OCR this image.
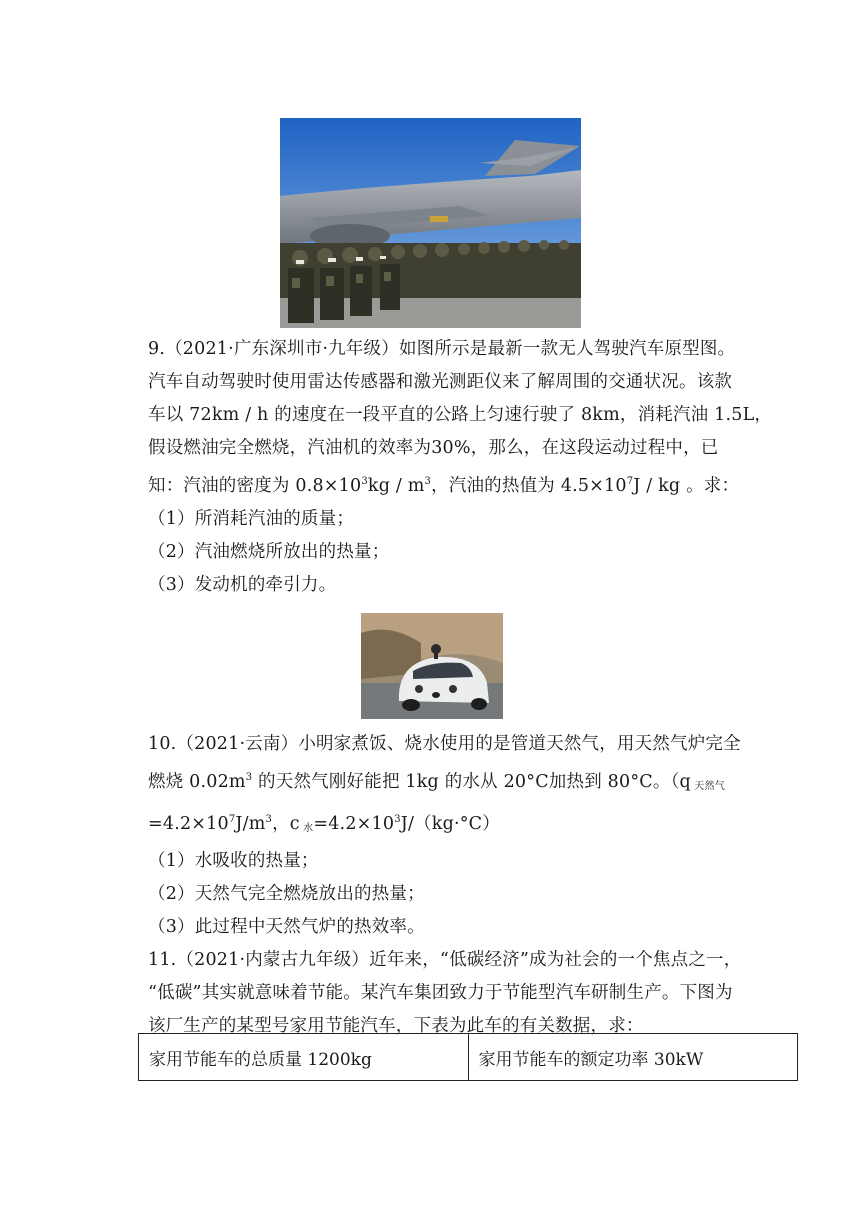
9.（2021·广东深圳市·九年级）如图所示是最新一款无人驾驶汽车原型图。
汽车自动驾驶时使用雷达传感器和激光测距仪来了解周围的交通状况。该款
车以 72km / h 的速度在一段平直的公路上匀速行驶了 8km，消耗汽油 1.5L，
假设燃油完全燃烧，汽油机的效率为30%，那么，在这段运动过程中，已
知：汽油的密度为 $0.8\times 10^3kg / m^3$，汽油的热值为 $4.5\times 10^7J$ / kg 。求：
（1）所消耗汽油的质量；
（2）汽油燃烧所放出的热量；
（3）发动机的牵引力。
10.（2021·云南）小明家煮饭、烧水使用的是管道天然气，用天然气炉完全
燃烧 $0.02m^3$ 的天然气刚好能把 1kg 的水从 20°C加热到 80°C。（q $_{天然气}$
$=4.2\times 10^7J/m^3$，c $_水=4.2\times 10^3J/(kg\cdot^\circ C)$
（1）水吸收的热量；
（2）天然气完全燃烧放出的热量；
（3）此过程中天然气炉的热效率。
11.（2021·内蒙古九年级）近年来，“低碳经济”成为社会的一个焦点之一，
“低碳”其实就意味着节能。某汽车集团致力于节能型汽车研制生产。下图为
该厂生产的某型号家用节能汽车，下表为此车的有关数据，求：
家用节能车的总质量 1200kg	家用节能车的额定功率 30kW
